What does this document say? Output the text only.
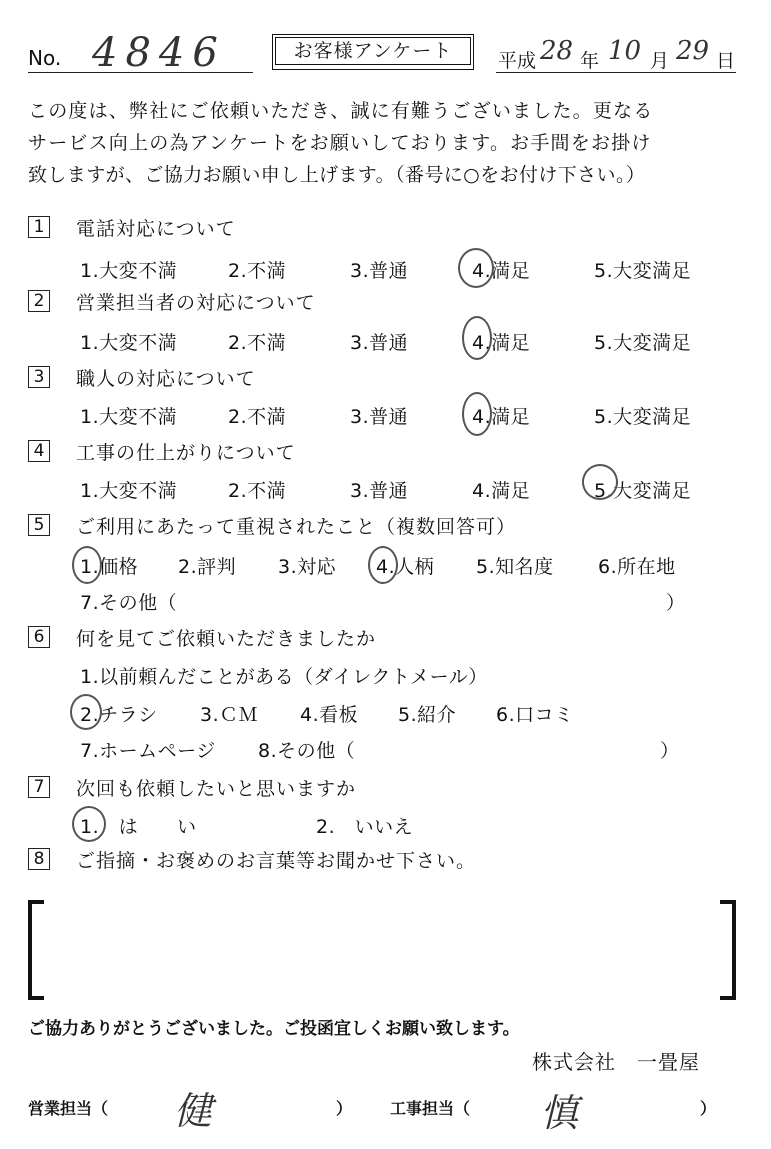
No. 4846	お客様アンケート	平成 28 年 10 月 29 日
この度は、弊社にご依頼いただき、誠に有難うございました。更なる
サービス向上の為アンケートをお願いしております。お手間をお掛け
致しますが、ご協力お願い申し上げます。（番号に○をお付け下さい。）
1 電話対応について
1.大変不満	2.不満	3.普通	4.満足	5.大変満足
2 営業担当者の対応について
1.大変不満	2.不満	3.普通	4.満足	5.大変満足
3 職人の対応について
1.大変不満	2.不満	3.普通	4.満足	5.大変満足
4 工事の仕上がりについて
1.大変不満	2.不満	3.普通	4.満足	5.大変満足
5 ご利用にあたって重視されたこと（複数回答可）
1.価格 2.評判 3.対応 4.人柄 5.知名度 6.所在地
7.その他（	）
6 何を見てご依頼いただきましたか
1.以前頼んだことがある（ダイレクトメール）
2.チラシ 3.ＣＭ 4.看板 5.紹介 6.口コミ
7.ホームページ 8.その他（	）
7 次回も依頼したいと思いますか
1.　は　　い	2.　いいえ
8 ご指摘・お褒めのお言葉等お聞かせ下さい。
ご協力ありがとうございました。ご投函宜しくお願い致します。
株式会社　一畳屋
営業担当（ 健	） 工事担当（ 慎	）
